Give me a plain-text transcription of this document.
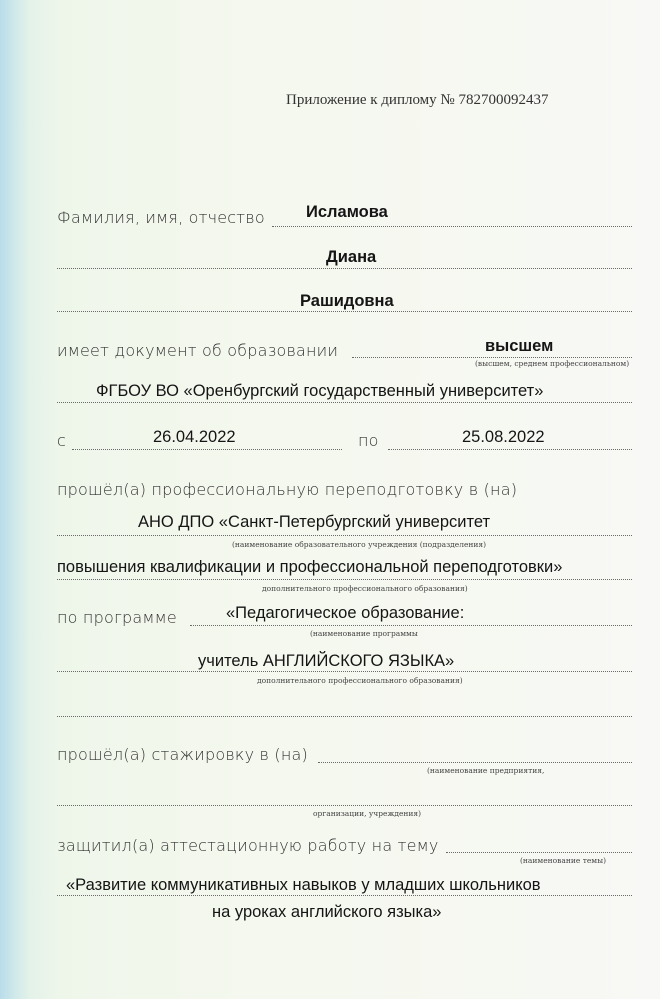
Приложение к диплому № 782700092437
Фамилия, имя, отчество Исламова
Диана
Рашидовна
имеет документ об образовании	высшем
(высшем, среднем профессиональном)
ФГБОУ ВО «Оренбургский государственный университет»
с	26.04.2022	по	25.08.2022
прошёл(а) профессиональную переподготовку в (на)
АНО ДПО «Санкт-Петербургский университет
(наименование образовательного учреждения (подразделения)
повышения квалификации и профессиональной переподготовки»
дополнительного профессионального образования)
по программе	«Педагогическое образование:
(наименование программы
учитель АНГЛИЙСКОГО ЯЗЫКА»
дополнительного профессионального образования)
прошёл(а) стажировку в (на)
(наименование предприятия,
организации, учреждения)
защитил(а) аттестационную работу на тему
(наименование темы)
«Развитие коммуникативных навыков у младших школьников
на уроках английского языка»
